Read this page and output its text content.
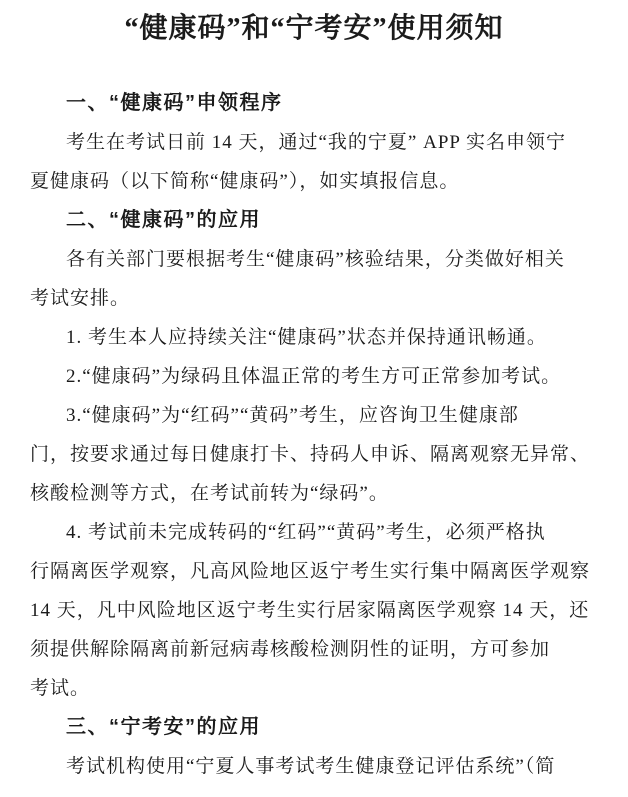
“健康码”和“宁考安”使用须知
一、“健康码”申领程序
考生在考试日前 14 天，通过“我的宁夏” APP 实名申领宁
夏健康码（以下简称“健康码”），如实填报信息。
二、“健康码”的应用
各有关部门要根据考生“健康码”核验结果，分类做好相关
考试安排。
1. 考生本人应持续关注“健康码”状态并保持通讯畅通。
2.“健康码”为绿码且体温正常的考生方可正常参加考试。
3.“健康码”为“红码”“黄码”考生，应咨询卫生健康部
门，按要求通过每日健康打卡、持码人申诉、隔离观察无异常、
核酸检测等方式，在考试前转为“绿码”。
4. 考试前未完成转码的“红码”“黄码”考生，必须严格执
行隔离医学观察，凡高风险地区返宁考生实行集中隔离医学观察
14 天，凡中风险地区返宁考生实行居家隔离医学观察 14 天，还
须提供解除隔离前新冠病毒核酸检测阴性的证明，方可参加
考试。
三、“宁考安”的应用
考试机构使用“宁夏人事考试考生健康登记评估系统”（简
